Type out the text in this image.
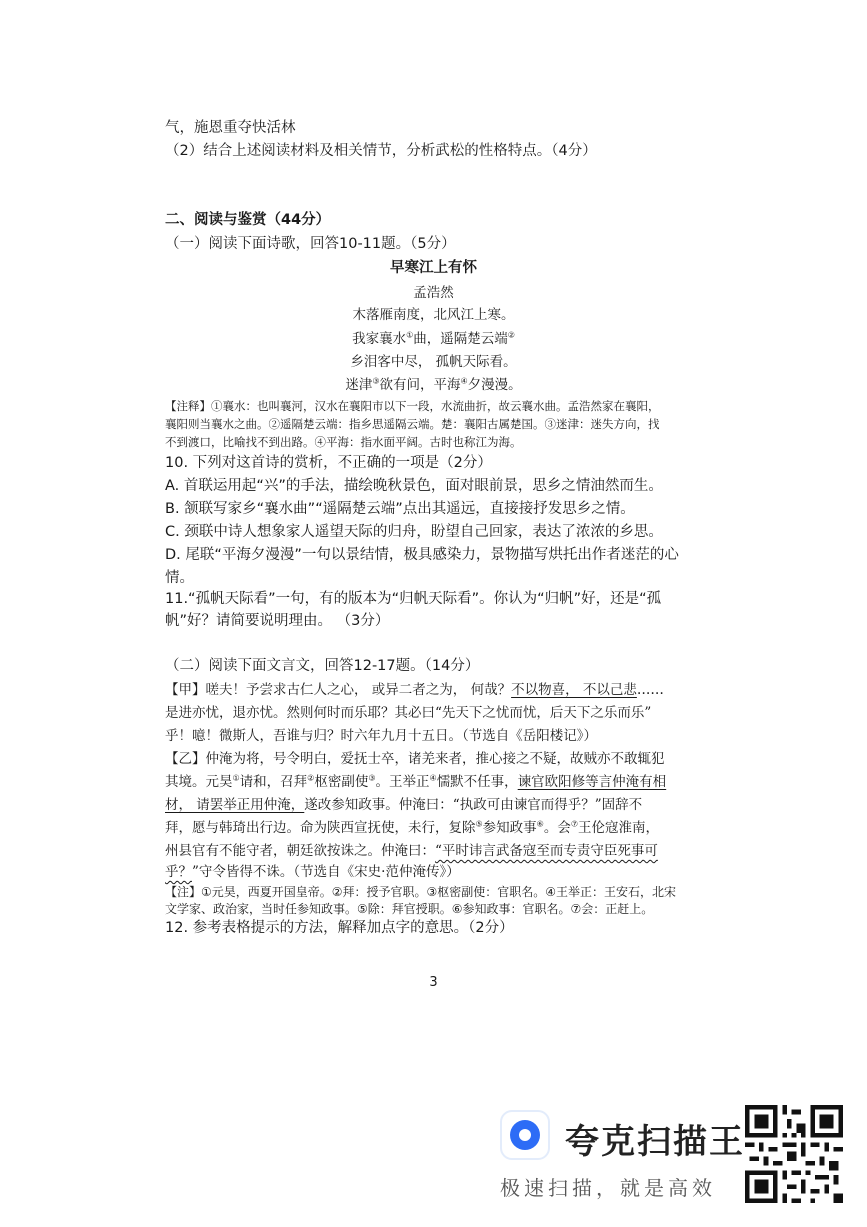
气，施恩重夺快活林
（2）结合上述阅读材料及相关情节，分析武松的性格特点。（4分）
二、阅读与鉴赏（44分）
（一）阅读下面诗歌，回答10-11题。（5分）
早寒江上有怀
孟浩然
木落雁南度，北风江上寒。
我家襄水①曲，遥隔楚云端②
乡泪客中尽， 孤帆天际看。
迷津③欲有问，平海④夕漫漫。
【注释】①襄水：也叫襄河，汉水在襄阳市以下一段，水流曲折，故云襄水曲。孟浩然家在襄阳，
襄阳则当襄水之曲。②遥隔楚云端：指乡思遥隔云端。楚：襄阳古属楚国。③迷津：迷失方向，找
不到渡口，比喻找不到出路。④平海：指水面平阔。古时也称江为海。
10. 下列对这首诗的赏析，不正确的一项是（2分）
A. 首联运用起“兴”的手法，描绘晚秋景色，面对眼前景，思乡之情油然而生。
B. 颔联写家乡“襄水曲”“遥隔楚云端”点出其遥远，直接接抒发思乡之情。
C. 颈联中诗人想象家人遥望天际的归舟，盼望自己回家，表达了浓浓的乡思。
D. 尾联“平海夕漫漫”一句以景结情，极具感染力，景物描写烘托出作者迷茫的心
情。
11.“孤帆天际看”一句，有的版本为“归帆天际看”。你认为“归帆”好，还是“孤
帆”好？请简要说明理由。 （3分）
（二）阅读下面文言文，回答12-17题。（14分）
【甲】嗟夫！予尝求古仁人之心， 或异二者之为， 何哉？不以物喜， 不以己悲……
是进亦忧，退亦忧。然则何时而乐耶？其必曰“先天下之忧而忧，后天下之乐而乐”
乎！噫！微斯人，吾谁与归？时六年九月十五日。（节选自《岳阳楼记》）
【乙】仲淹为将，号令明白，爱抚士卒，诸羌来者，推心接之不疑，故贼亦不敢辄犯
其境。元昊①请和，召拜②枢密副使③。王举正④懦默不任事，谏官欧阳修等言仲淹有相
材， 请罢举正用仲淹，遂改参知政事。仲淹曰：“执政可由谏官而得乎？”固辞不
拜，愿与韩琦出行边。命为陕西宣抚使，未行，复除⑤参知政事⑥。会⑦王伦寇淮南，
州县官有不能守者，朝廷欲按诛之。仲淹曰：“平时讳言武备寇至而专责守臣死事可
乎？”守令皆得不诛。（节选自《宋史·范仲淹传》）
【注】①元昊，西夏开国皇帝。②拜：授予官职。③枢密副使：官职名。④王举正：王安石，北宋
文学家、政治家，当时任参知政事。⑤除：拜官授职。⑥参知政事：官职名。⑦会：正赶上。
12. 参考表格提示的方法，解释加点字的意思。（2分）
3
夸克扫描王
极速扫描，就是高效
